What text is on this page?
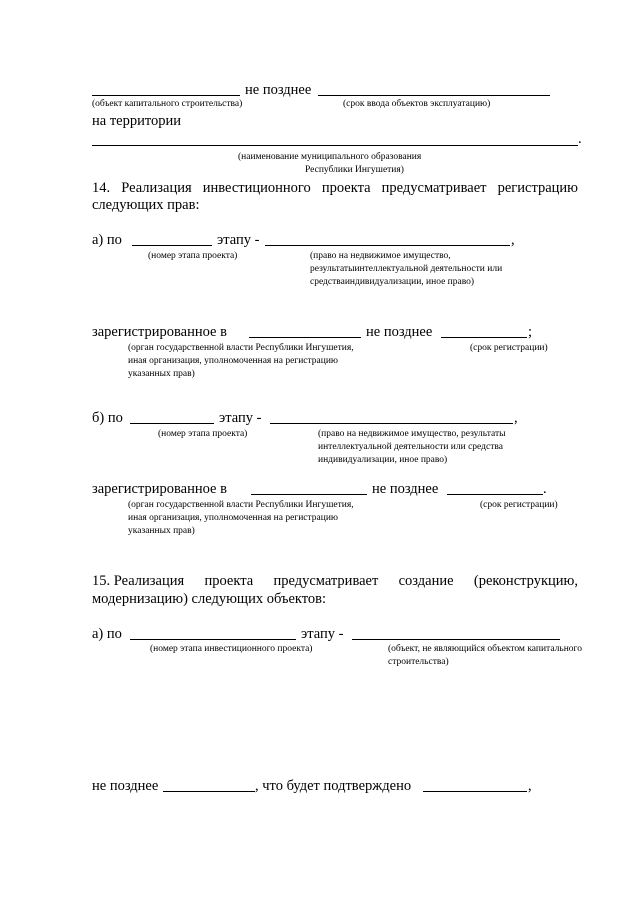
не позднее
(объект капитального строительства)	(срок ввода объектов эксплуатацию)
на территории
.
(наименование муниципального образования
Республики Ингушетия)
14. Реализация инвестиционного проекта предусматривает регистрацию
следующих прав:
а) по	этапу -	,
(номер этапа проекта)	(право на недвижимое имущество,
результатыинтеллектуальной деятельности или
средстваиндивидуализации, иное право)
зарегистрированное в	не позднее	;
(орган государственной власти Республики Ингушетия,	(срок регистрации)
иная организация, уполномоченная на регистрацию
указанных прав)
б) по	этапу -	,
(номер этапа проекта)	(право на недвижимое имущество, результаты
интеллектуальной деятельности или средства
индивидуализации, иное право)
зарегистрированное в	не позднее	.
(орган государственной власти Республики Ингушетия,	(срок регистрации)
иная организация, уполномоченная на регистрацию
указанных прав)
15. Реализация проекта предусматривает создание (реконструкцию,
модернизацию) следующих объектов:
а) по	этапу -
(номер этапа инвестиционного проекта)	(объект, не являющийся объектом капитального
строительства)
не позднее	, что будет подтверждено	,
